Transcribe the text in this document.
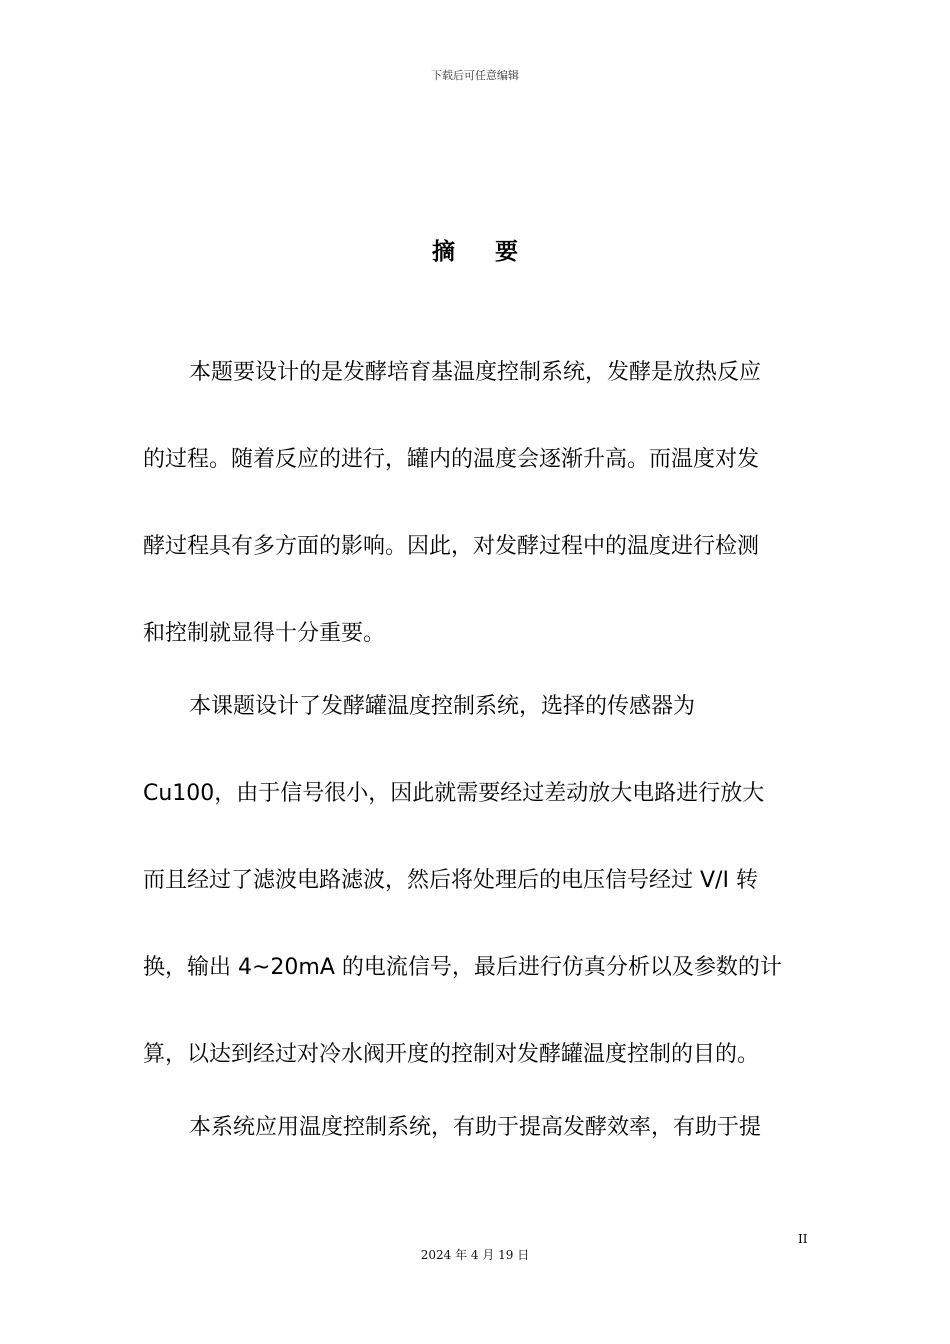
下载后可任意编辑
摘 要

本题要设计的是发酵培育基温度控制系统，发酵是放热反应

的过程。随着反应的进行，罐内的温度会逐渐升高。而温度对发

酵过程具有多方面的影响。因此，对发酵过程中的温度进行检测

和控制就显得十分重要。

本课题设计了发酵罐温度控制系统，选择的传感器为

Cu100，由于信号很小，因此就需要经过差动放大电路进行放大

而且经过了滤波电路滤波，然后将处理后的电压信号经过 V/I 转

换，输出 4~20mA 的电流信号，最后进行仿真分析以及参数的计

算，以达到经过对冷水阀开度的控制对发酵罐温度控制的目的。

本系统应用温度控制系统，有助于提高发酵效率，有助于提

II
2024 年 4 月 19 日
